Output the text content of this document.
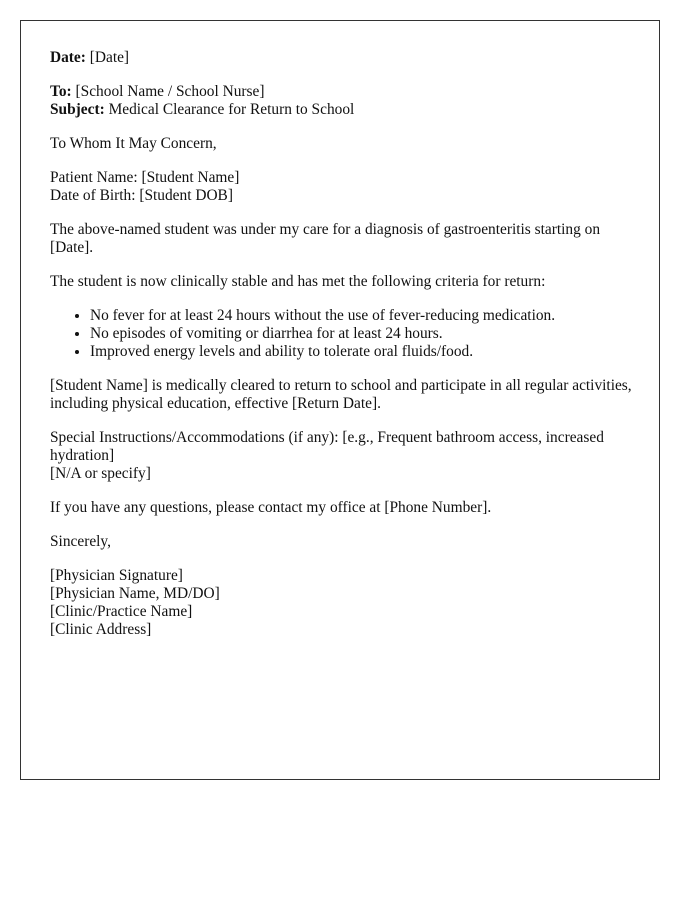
Date: [Date]

To: [School Name / School Nurse]
Subject: Medical Clearance for Return to School

To Whom It May Concern,

Patient Name: [Student Name]
Date of Birth: [Student DOB]

The above-named student was under my care for a diagnosis of gastroenteritis starting on [Date].

The student is now clinically stable and has met the following criteria for return:

• No fever for at least 24 hours without the use of fever-reducing medication.
• No episodes of vomiting or diarrhea for at least 24 hours.
• Improved energy levels and ability to tolerate oral fluids/food.

[Student Name] is medically cleared to return to school and participate in all regular activities, including physical education, effective [Return Date].

Special Instructions/Accommodations (if any): [e.g., Frequent bathroom access, increased hydration]
[N/A or specify]

If you have any questions, please contact my office at [Phone Number].

Sincerely,

[Physician Signature]
[Physician Name, MD/DO]
[Clinic/Practice Name]
[Clinic Address]
